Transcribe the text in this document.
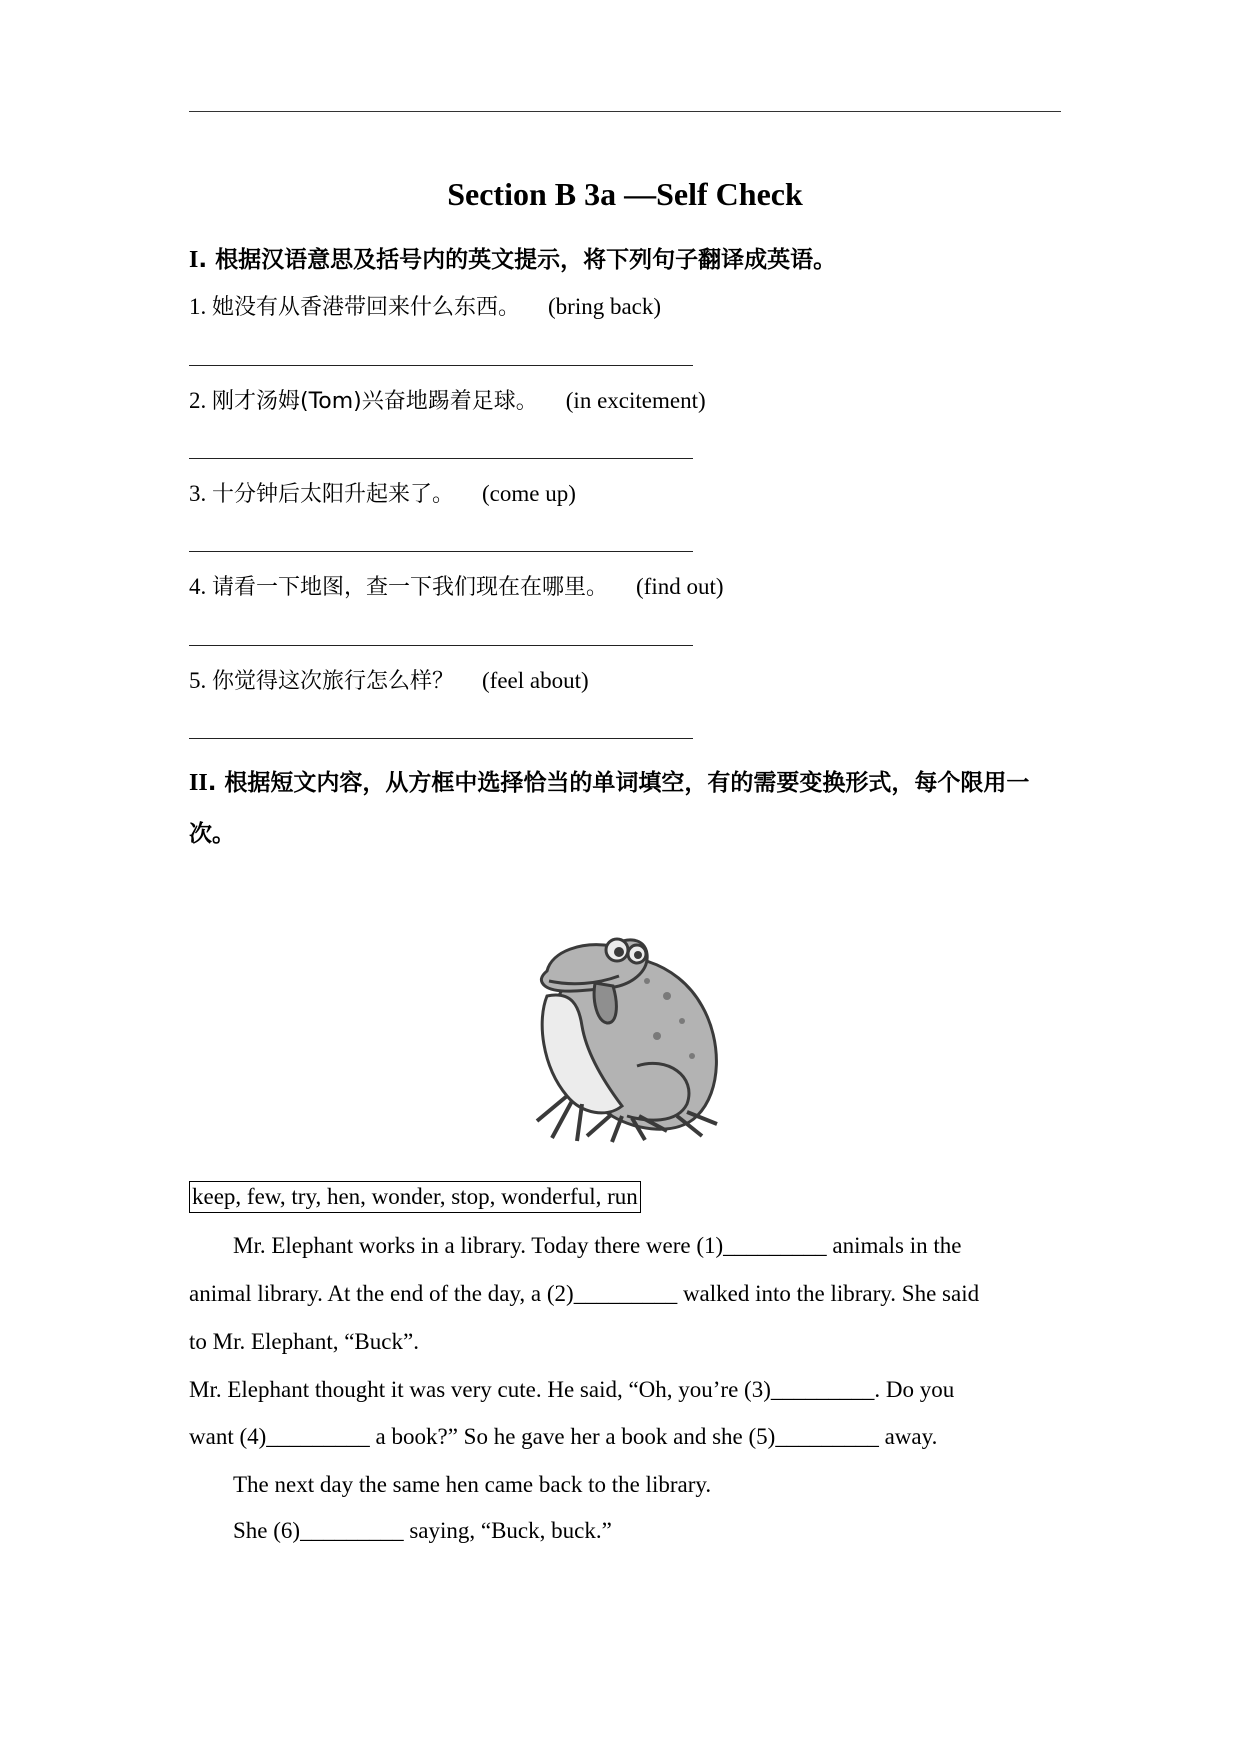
Section B 3a —Self Check
I. 根据汉语意思及括号内的英文提示，将下列句子翻译成英语。
1. 她没有从香港带回来什么东西。 (bring back)
2. 刚才汤姆(Tom)兴奋地踢着足球。 (in excitement)
3. 十分钟后太阳升起来了。 (come up)
4. 请看一下地图，查一下我们现在在哪里。 (find out)
5. 你觉得这次旅行怎么样？ (feel about)
II. 根据短文内容，从方框中选择恰当的单词填空，有的需要变换形式，每个限用一次。
keep, few, try, hen, wonder, stop, wonderful, run
Mr. Elephant works in a library. Today there were (1)_________ animals in the
animal library. At the end of the day, a (2)_________ walked into the library. She said
to Mr. Elephant, “Buck”.
Mr. Elephant thought it was very cute. He said, “Oh, you’re (3)_________. Do you
want (4)_________ a book?” So he gave her a book and she (5)_________ away.
The next day the same hen came back to the library.
She (6)_________ saying, “Buck, buck.”
